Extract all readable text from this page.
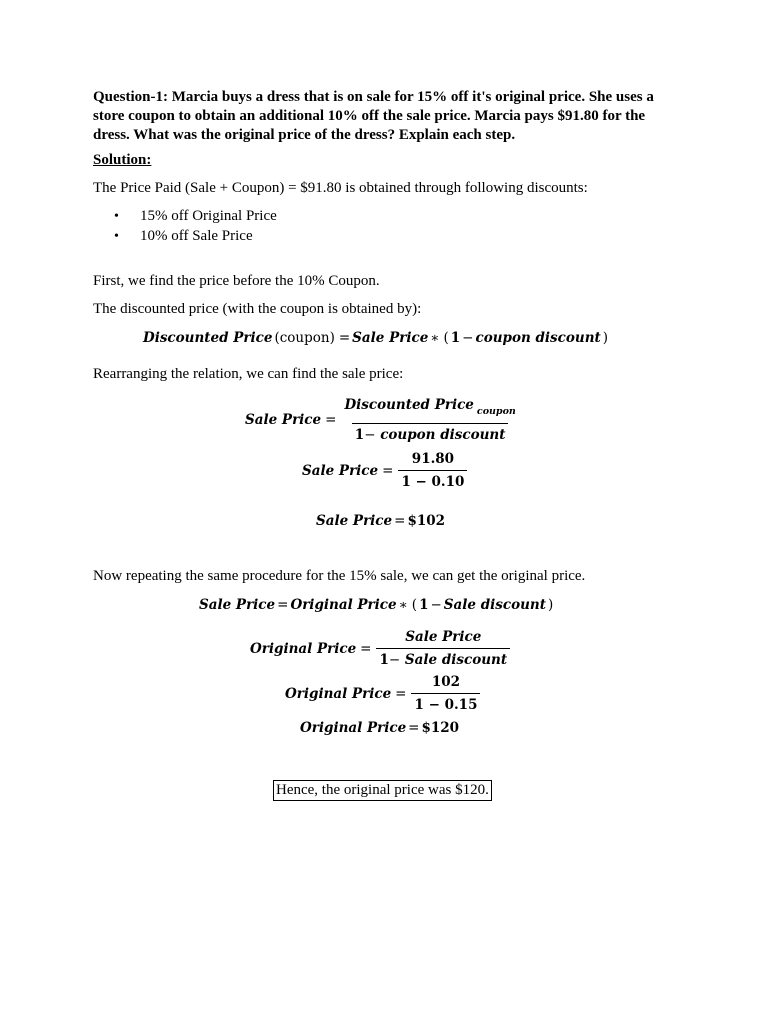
Question-1: Marcia buys a dress that is on sale for 15% off it's original price. She uses a store coupon to obtain an additional 10% off the sale price. Marcia pays $91.80 for the dress. What was the original price of the dress? Explain each step.
Solution:
The Price Paid (Sale + Coupon) = $91.80 is obtained through following discounts:
• 15% off Original Price
• 10% off Sale Price
First, we find the price before the 10% Coupon.
The discounted price (with the coupon is obtained by):
Discounted Price (coupon) = Sale Price ∗ ( 1 − coupon discount )
Rearranging the relation, we can find the sale price:
Sale Price = $\frac{Discounted Price _{coupon}}{\text{1− coupon discount}}$
Sale Price = $\frac{91.80}{1 - 0.10}$
Sale Price = $102
Now repeating the same procedure for the 15% sale, we can get the original price.
Sale Price = Original Price ∗ ( 1 − Sale discount )
Original Price = $\frac{\text{Sale Price}}{\text{1− Sale discount}}$
Original Price = $\frac{102}{1 - 0.15}$
Original Price = $120
Hence, the original price was $120.
